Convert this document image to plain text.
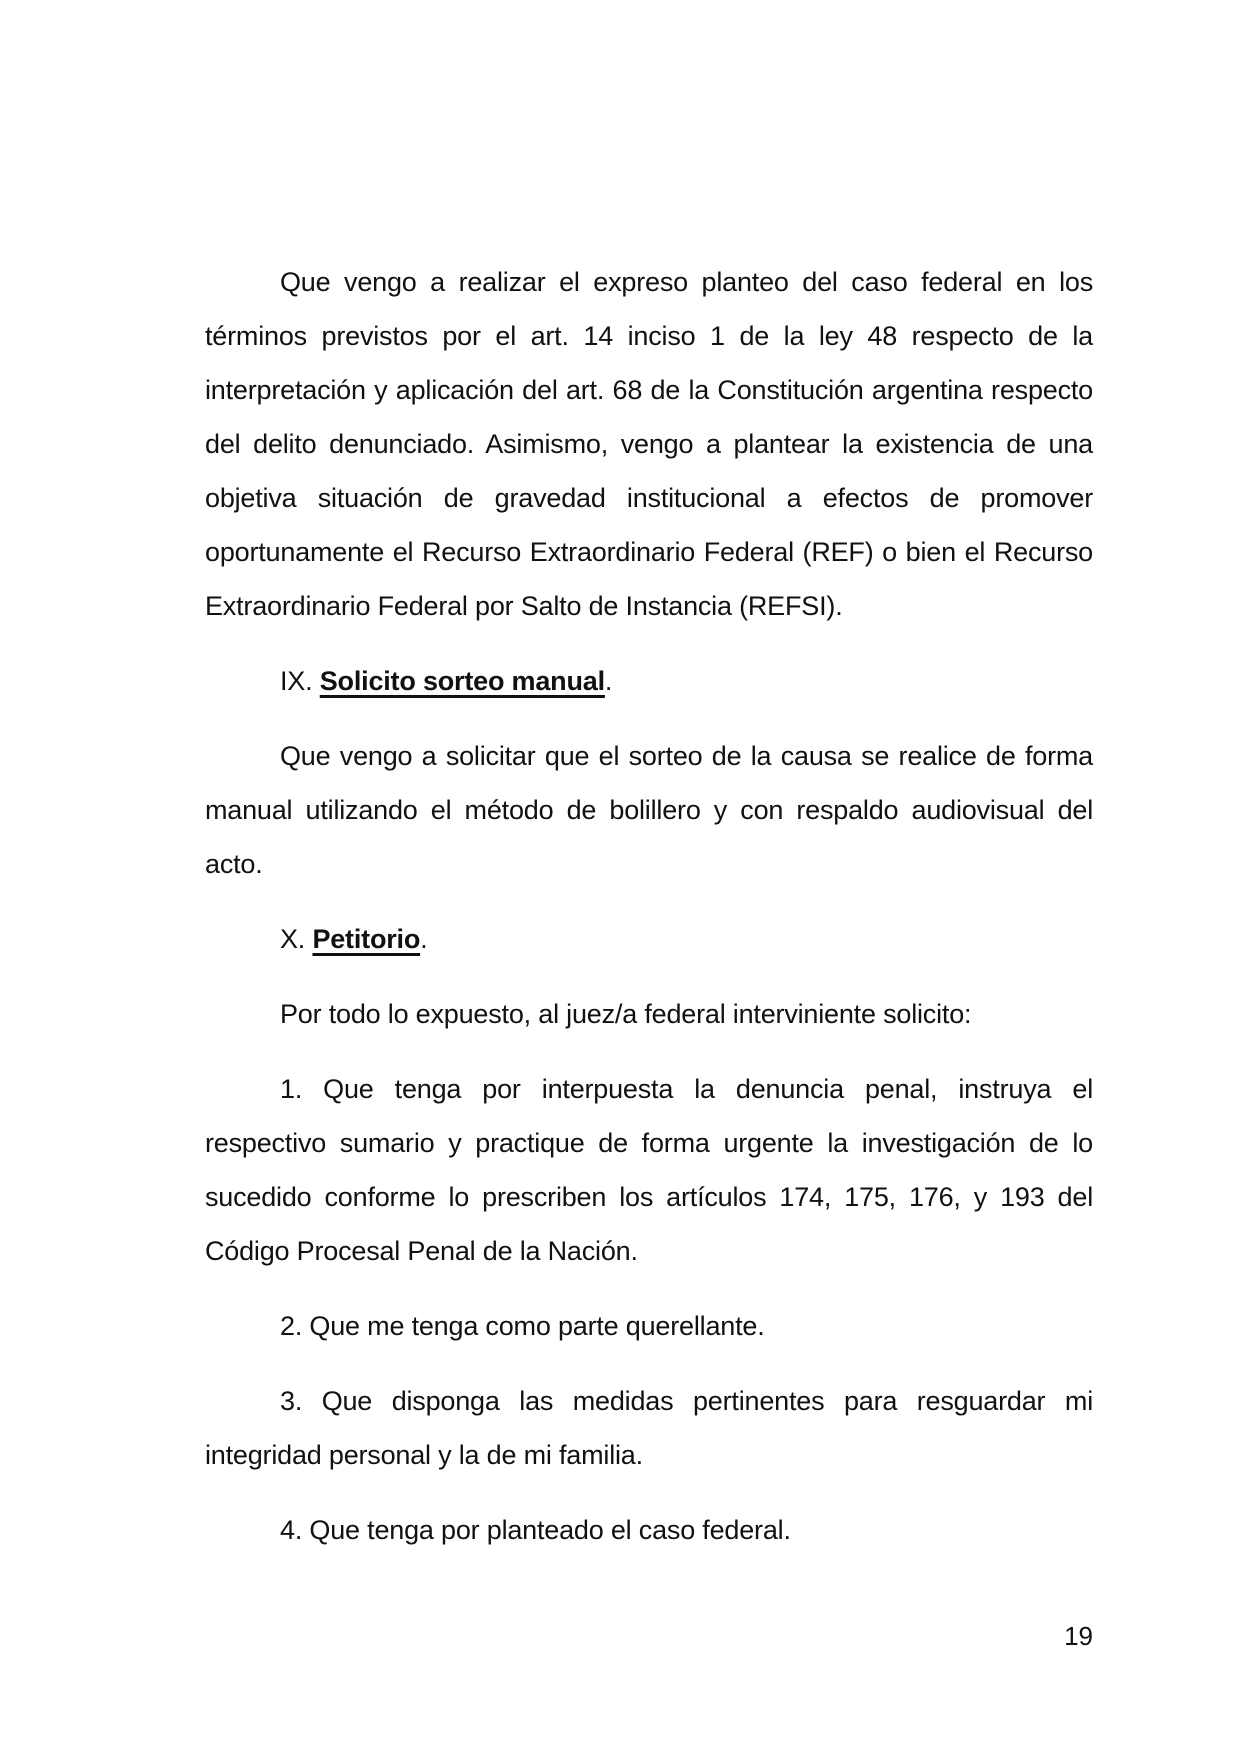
Que vengo a realizar el expreso planteo del caso federal en los términos previstos por el art. 14 inciso 1 de la ley 48 respecto de la interpretación y aplicación del art. 68 de la Constitución argentina respecto del delito denunciado. Asimismo, vengo a plantear la existencia de una objetiva situación de gravedad institucional a efectos de promover oportunamente el Recurso Extraordinario Federal (REF) o bien el Recurso Extraordinario Federal por Salto de Instancia (REFSI).

IX. Solicito sorteo manual.

Que vengo a solicitar que el sorteo de la causa se realice de forma manual utilizando el método de bolillero y con respaldo audiovisual del acto.

X. Petitorio.

Por todo lo expuesto, al juez/a federal interviniente solicito:

1. Que tenga por interpuesta la denuncia penal, instruya el respectivo sumario y practique de forma urgente la investigación de lo sucedido conforme lo prescriben los artículos 174, 175, 176, y 193 del Código Procesal Penal de la Nación.

2. Que me tenga como parte querellante.

3. Que disponga las medidas pertinentes para resguardar mi integridad personal y la de mi familia.

4. Que tenga por planteado el caso federal.

19
